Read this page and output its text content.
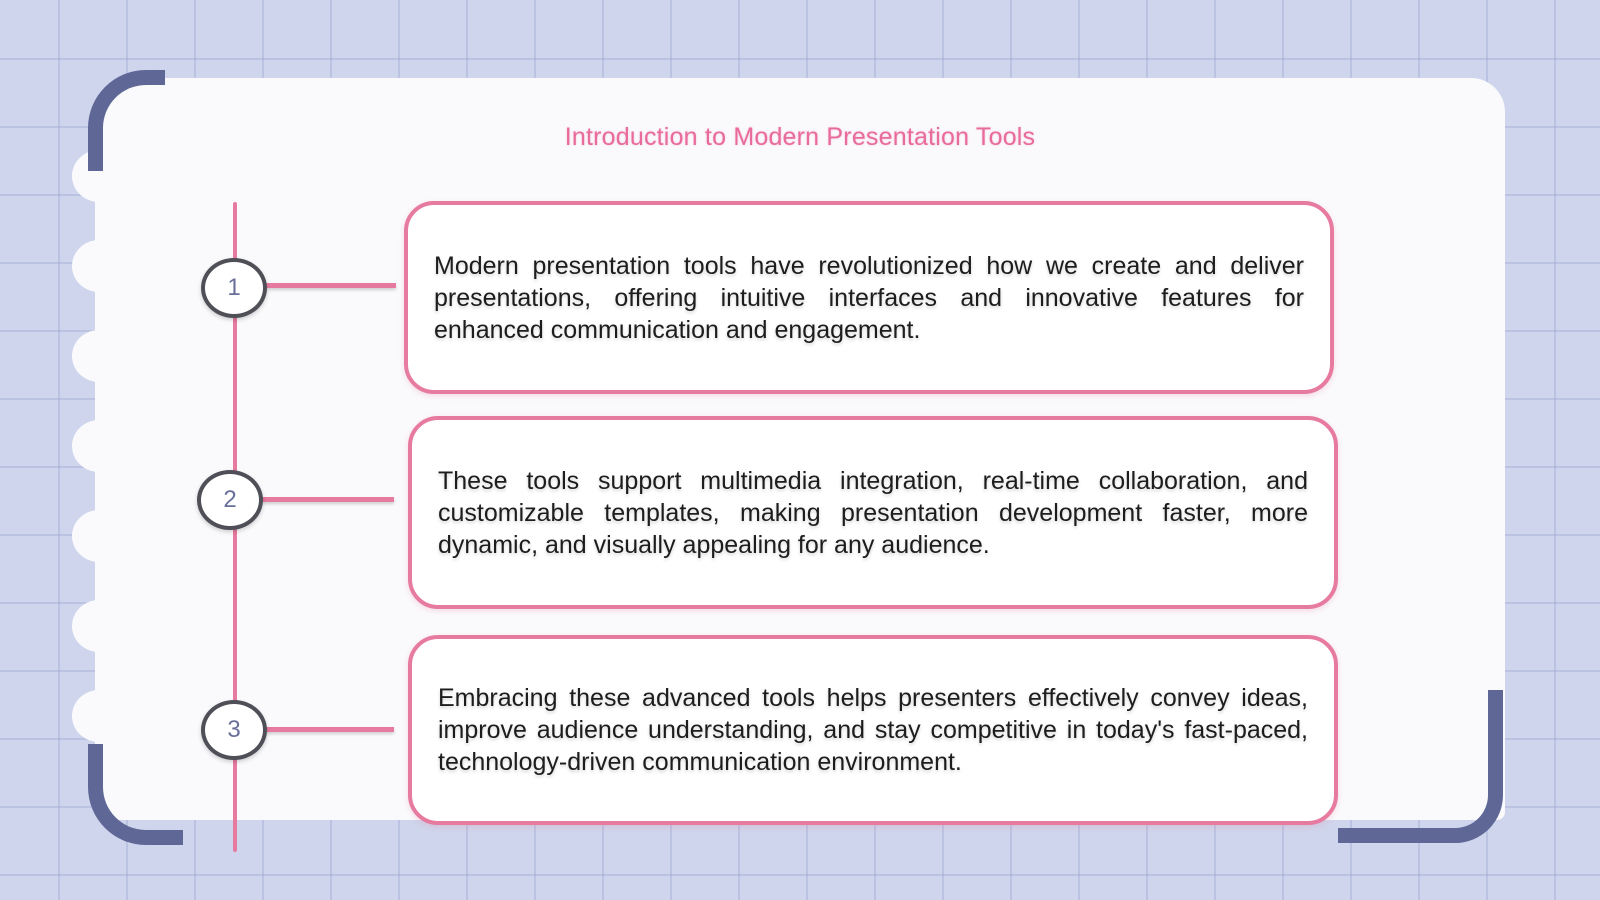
Introduction to Modern Presentation Tools
1
Modern presentation tools have revolutionized how we create and deliver presentations, offering intuitive interfaces and innovative features for enhanced communication and engagement.
2
These tools support multimedia integration, real-time collaboration, and customizable templates, making presentation development faster, more dynamic, and visually appealing for any audience.
3
Embracing these advanced tools helps presenters effectively convey ideas, improve audience understanding, and stay competitive in today's fast-paced, technology-driven communication environment.
